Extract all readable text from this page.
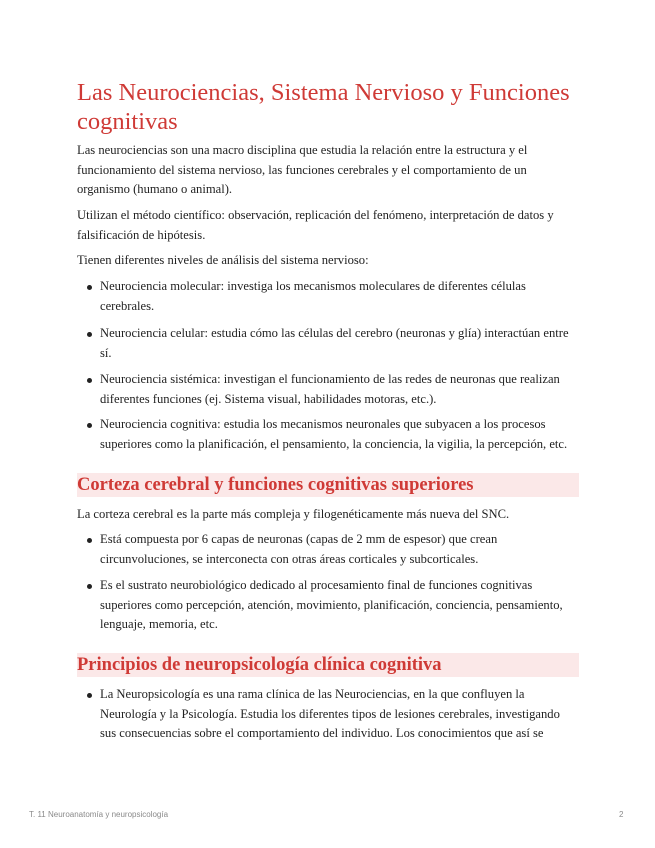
Las Neurociencias, Sistema Nervioso y Funciones cognitivas

Las neurociencias son una macro disciplina que estudia la relación entre la estructura y el funcionamiento del sistema nervioso, las funciones cerebrales y el comportamiento de un organismo (humano o animal).

Utilizan el método científico: observación, replicación del fenómeno, interpretación de datos y falsificación de hipótesis.

Tienen diferentes niveles de análisis del sistema nervioso:

Neurociencia molecular: investiga los mecanismos moleculares de diferentes células cerebrales.
Neurociencia celular: estudia cómo las células del cerebro (neuronas y glía) interactúan entre sí.
Neurociencia sistémica: investigan el funcionamiento de las redes de neuronas que realizan diferentes funciones (ej. Sistema visual, habilidades motoras, etc.).
Neurociencia cognitiva: estudia los mecanismos neuronales que subyacen a los procesos superiores como la planificación, el pensamiento, la conciencia, la vigilia, la percepción, etc.
Corteza cerebral y funciones cognitivas superiores

La corteza cerebral es la parte más compleja y filogenéticamente más nueva del SNC.

Está compuesta por 6 capas de neuronas (capas de 2 mm de espesor) que crean circunvoluciones, se interconecta con otras áreas corticales y subcorticales.
Es el sustrato neurobiológico dedicado al procesamiento final de funciones cognitivas superiores como percepción, atención, movimiento, planificación, conciencia, pensamiento, lenguaje, memoria, etc.
Principios de neuropsicología clínica cognitiva
La Neuropsicología es una rama clínica de las Neurociencias, en la que confluyen la Neurología y la Psicología. Estudia los diferentes tipos de lesiones cerebrales, investigando sus consecuencias sobre el comportamiento del individuo. Los conocimientos que así se
T. 11 Neuroanatomía y neuropsicología	2
